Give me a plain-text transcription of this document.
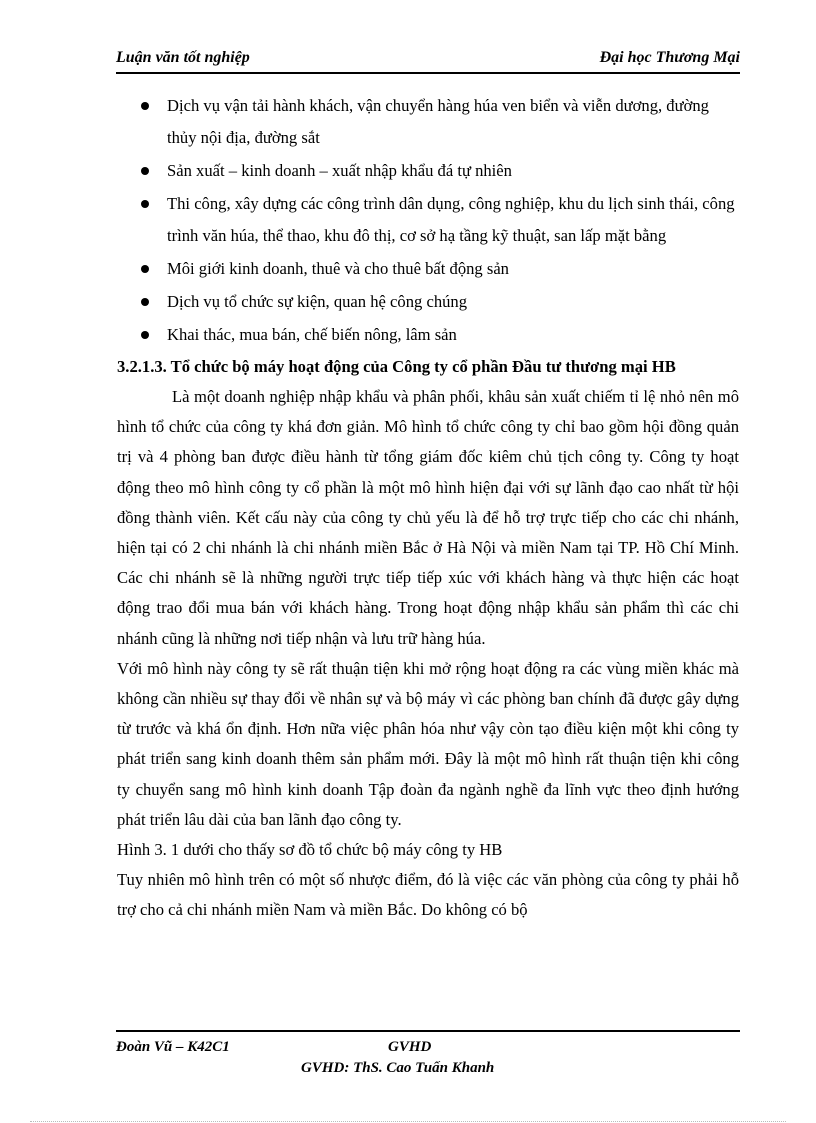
Luận văn tốt nghiệp	Đại học Thương Mại
Dịch vụ vận tải hành khách, vận chuyển hàng húa ven biển và viễn dương, đường thủy nội địa, đường sắt
Sản xuất – kinh doanh – xuất nhập khẩu đá tự nhiên
Thi công, xây dựng các công trình dân dụng, công nghiệp, khu du lịch sinh thái, công trình văn húa, thể thao, khu đô thị, cơ sở hạ tầng kỹ thuật, san lấp mặt bằng
Môi giới kinh doanh, thuê và cho thuê bất động sản
Dịch vụ tổ chức sự kiện, quan hệ công chúng
Khai thác, mua bán, chế biến nông, lâm sản
3.2.1.3. Tổ chức bộ máy hoạt động của Công ty cổ phần Đầu tư thương mại HB

Là một doanh nghiệp nhập khẩu và phân phối, khâu sản xuất chiếm tỉ lệ nhỏ nên mô hình tổ chức của công ty khá đơn giản. Mô hình tổ chức công ty chỉ bao gồm hội đồng quản trị và 4 phòng ban được điều hành từ tổng giám đốc kiêm chủ tịch công ty. Công ty hoạt động theo mô hình công ty cổ phần là một mô hình hiện đại với sự lãnh đạo cao nhất từ hội đồng thành viên. Kết cấu này của công ty chủ yếu là để hỗ trợ trực tiếp cho các chi nhánh, hiện tại có 2 chi nhánh là chi nhánh miền Bắc ở Hà Nội và miền Nam tại TP. Hồ Chí Minh. Các chi nhánh sẽ là những người trực tiếp tiếp xúc với khách hàng và thực hiện các hoạt động trao đổi mua bán với khách hàng. Trong hoạt động nhập khẩu sản phẩm thì các chi nhánh cũng là những nơi tiếp nhận và lưu trữ hàng húa.

Với mô hình này công ty sẽ rất thuận tiện khi mở rộng hoạt động ra các vùng miền khác mà không cần nhiều sự thay đổi về nhân sự và bộ máy vì các phòng ban chính đã được gây dựng từ trước và khá ổn định. Hơn nữa việc phân hóa như vậy còn tạo điều kiện một khi công ty phát triển sang kinh doanh thêm sản phẩm mới. Đây là một mô hình rất thuận tiện khi công ty chuyển sang mô hình kinh doanh Tập đoàn đa ngành nghề đa lĩnh vực theo định hướng phát triển lâu dài của ban lãnh đạo công ty.

Hình 3. 1 dưới cho thấy sơ đồ tổ chức bộ máy công ty HB

Tuy nhiên mô hình trên có một số nhược điểm, đó là việc các văn phòng của công ty phải hỗ trợ cho cả chi nhánh miền Nam và miền Bắc. Do không có bộ

Đoàn Vũ – K42C1	GVHD
GVHD: ThS. Cao Tuấn Khanh
